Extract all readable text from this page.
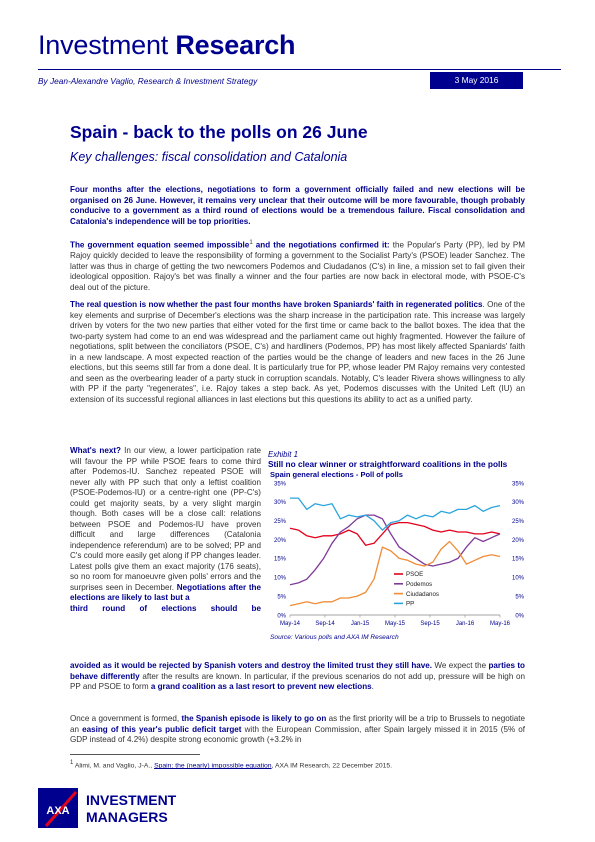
Investment Research
By Jean-Alexandre Vaglio, Research & Investment Strategy	3 May 2016
Spain - back to the polls on 26 June
Key challenges: fiscal consolidation and Catalonia
Four months after the elections, negotiations to form a government officially failed and new elections will be organised on 26 June. However, it remains very unclear that their outcome will be more favourable, though probably conducive to a government as a third round of elections would be a tremendous failure. Fiscal consolidation and Catalonia's independence will be top priorities.
The government equation seemed impossible$^1$ and the negotiations confirmed it: the Popular's Party (PP), led by PM Rajoy quickly decided to leave the responsibility of forming a government to the Socialist Party's (PSOE) leader Sanchez. The latter was thus in charge of getting the two newcomers Podemos and Ciudadanos (C's) in line, a mission set to fail given their ideological opposition. Rajoy's bet was finally a winner and the four parties are now back in electoral mode, with PSOE-C's deal out of the picture.
The real question is now whether the past four months have broken Spaniards' faith in regenerated politics. One of the key elements and surprise of December's elections was the sharp increase in the participation rate. This increase was largely driven by voters for the two new parties that either voted for the first time or came back to the ballot boxes. The idea that the two-party system had come to an end was widespread and the parliament came out highly fragmented. However the failure of negotiations, split between the conciliators (PSOE, C's) and hardliners (Podemos, PP) has most likely affected Spaniards' faith in a new landscape. A most expected reaction of the parties would be the change of leaders and new faces in the 26 June elections, but this seems still far from a done deal. It is particularly true for PP, whose leader PM Rajoy remains very contested and seen as the overbearing leader of a party stuck in corruption scandals. Notably, C's leader Rivera shows willingness to ally with PP if the party "regenerates", i.e. Rajoy takes a step back. As yet, Podemos discusses with the United Left (IU) an extension of its successful regional alliances in last elections but this questions its ability to act as a unified party.
What's next? In our view, a lower participation rate will favour the PP while PSOE fears to come third after Podemos-IU. Sanchez repeated PSOE will never ally with PP such that only a leftist coalition (PSOE-Podemos-IU) or a centre-right one (PP-C's) could get majority seats, by a very slight margin though. Both cases will be a close call: relations between PSOE and Podemos-IU have proven difficult and large differences (Catalonia independence referendum) are to be solved; PP and C's could more easily get along if PP changes leader. Latest polls give them an exact majority (176 seats), so no room for manoeuvre given polls' errors and the surprises seen in December. Negotiations after the elections are likely to last but a
third round of elections should be
avoided as it would be rejected by Spanish voters and destroy the limited trust they still have. We expect the parties to behave differently after the results are known. In particular, if the previous scenarios do not add up, pressure will be high on PP and PSOE to form a grand coalition as a last resort to prevent new elections.
Once a government is formed, the Spanish episode is likely to go on as the first priority will be a trip to Brussels to negotiate an easing of this year's public deficit target with the European Commission, after Spain largely missed it in 2015 (5% of GDP instead of 4.2%) despite strong economic growth (+3.2% in
Exhibit 1
Still no clear winner or straightforward coalitions in the polls
Spain general elections - Poll of polls
0%	0%
5%	5%
10%	10%
15%	15%
20%	20%
25%	25%
30%	30%
35%	35%
May-14	Sep-14	Jan-15	May-15	Sep-15	Jan-16	May-16
PSOE
Podemos
Ciudadanos
PP
Source: Various polls and AXA IM Research
$^1$ Alimi, M. and Vaglio, J-A., Spain: the (nearly) impossible equation, AXA IM Research, 22 December 2015.
AXA
INVESTMENT
MANAGERS
